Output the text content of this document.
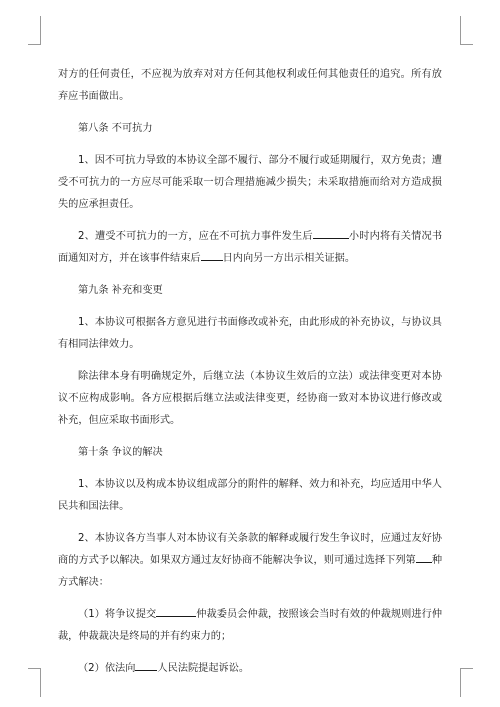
对方的任何责任，不应视为放弃对对方任何其他权利或任何其他责任的追究。所有放弃应书面做出。

第八条 不可抗力

1、因不可抗力导致的本协议全部不履行、部分不履行或延期履行，双方免责；遭受不可抗力的一方应尽可能采取一切合理措施减少损失；未采取措施而给对方造成损失的应承担责任。

2、遭受不可抗力的一方，应在不可抗力事件发生后	小时内将有关情况书面通知对方，并在该事件结束后 日内向另一方出示相关证据。

第九条 补充和变更

1、本协议可根据各方意见进行书面修改或补充，由此形成的补充协议，与协议具有相同法律效力。

除法律本身有明确规定外，后继立法（本协议生效后的立法）或法律变更对本协议不应构成影响。各方应根据后继立法或法律变更，经协商一致对本协议进行修改或补充，但应采取书面形式。

第十条 争议的解决

1、本协议以及构成本协议组成部分的附件的解释、效力和补充，均应适用中华人民共和国法律。

2、本协议各方当事人对本协议有关条款的解释或履行发生争议时，应通过友好协商的方式予以解决。如果双方通过友好协商不能解决争议，则可通过选择下列第 种方式解决：

（1）将争议提交	仲裁委员会仲裁，按照该会当时有效的仲裁规则进行仲裁，仲裁裁决是终局的并有约束力的；

（2）依法向 人民法院提起诉讼。
